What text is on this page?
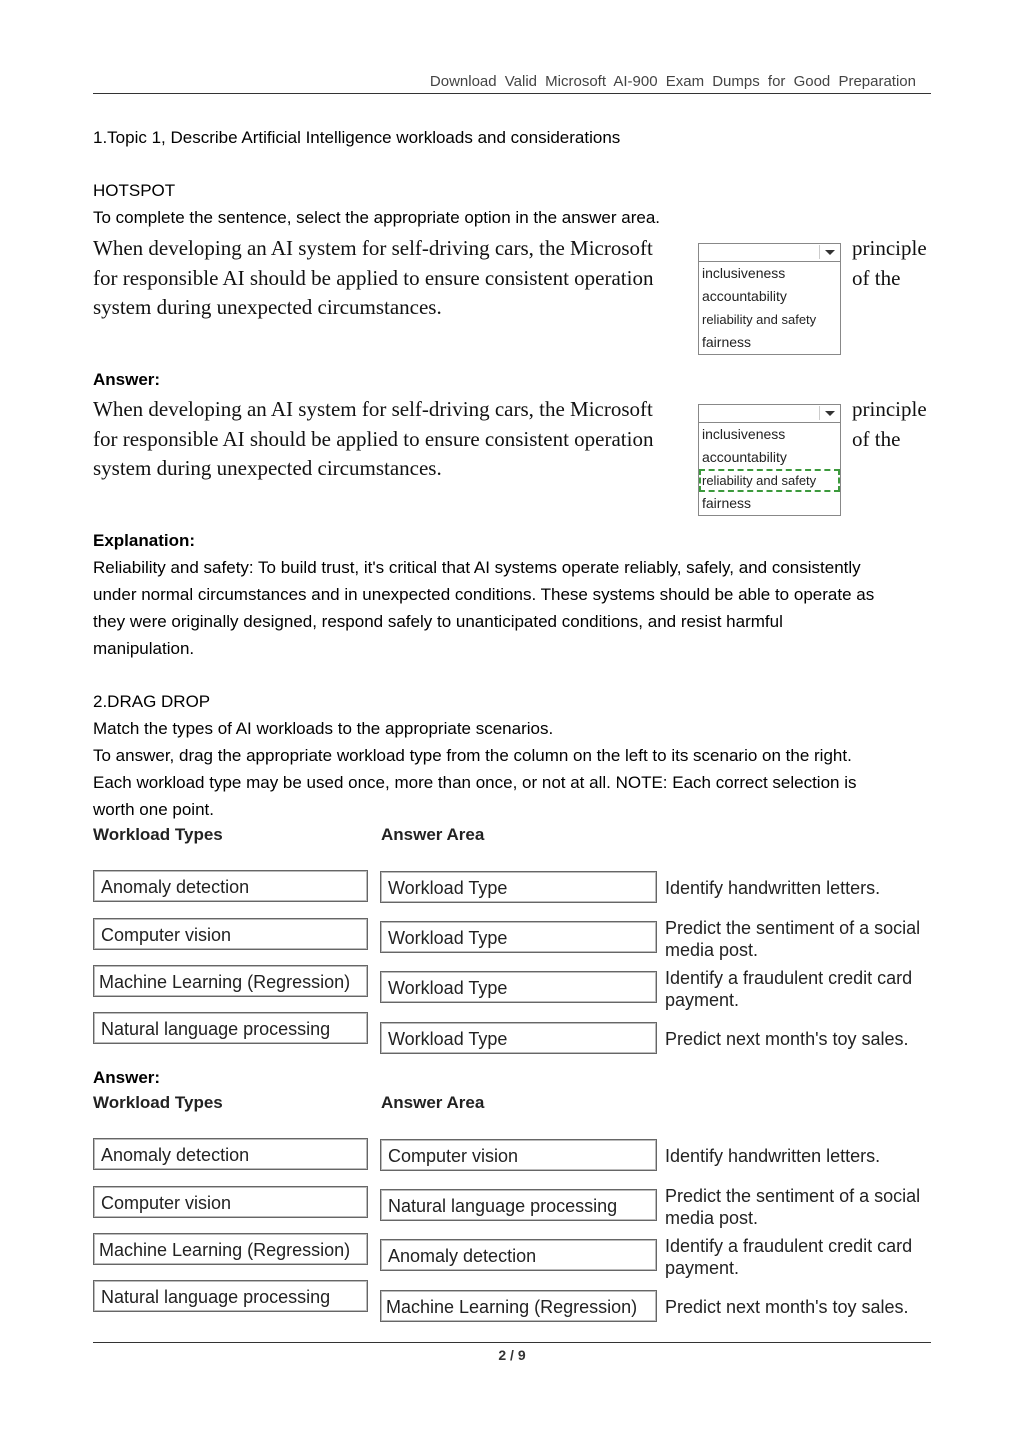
Download Valid Microsoft AI-900 Exam Dumps for Good Preparation

1.Topic 1, Describe Artificial Intelligence workloads and considerations

HOTSPOT

To complete the sentence, select the appropriate option in the answer area.

When developing an AI system for self-driving cars, the Microsoft
for responsible AI should be applied to ensure consistent operation
system during unexpected circumstances.
principle
of the
inclusiveness
accountability
reliability and safety
fairness

Answer:

When developing an AI system for self-driving cars, the Microsoft
for responsible AI should be applied to ensure consistent operation
system during unexpected circumstances.
principle
of the
inclusiveness
accountability
reliability and safety
fairness

Explanation:

Reliability and safety: To build trust, it's critical that AI systems operate reliably, safely, and consistently

under normal circumstances and in unexpected conditions. These systems should be able to operate as

they were originally designed, respond safely to unanticipated conditions, and resist harmful

manipulation.

2.DRAG DROP

Match the types of AI workloads to the appropriate scenarios.

To answer, drag the appropriate workload type from the column on the left to its scenario on the right.

Each workload type may be used once, more than once, or not at all. NOTE: Each correct selection is

worth one point.

Workload Types	Answer Area
Anomaly detection
Computer vision
Machine Learning (Regression)
Natural language processing
Workload Type
Workload Type
Workload Type
Workload Type
Identify handwritten letters.
Predict the sentiment of a social
media post.
Identify a fraudulent credit card
payment.
Predict next month's toy sales.

Answer:

Workload Types	Answer Area
Anomaly detection
Computer vision
Machine Learning (Regression)
Natural language processing
Computer vision
Natural language processing
Anomaly detection
Machine Learning (Regression)
Identify handwritten letters.
Predict the sentiment of a social
media post.
Identify a fraudulent credit card
payment.
Predict next month's toy sales.
2 / 9
